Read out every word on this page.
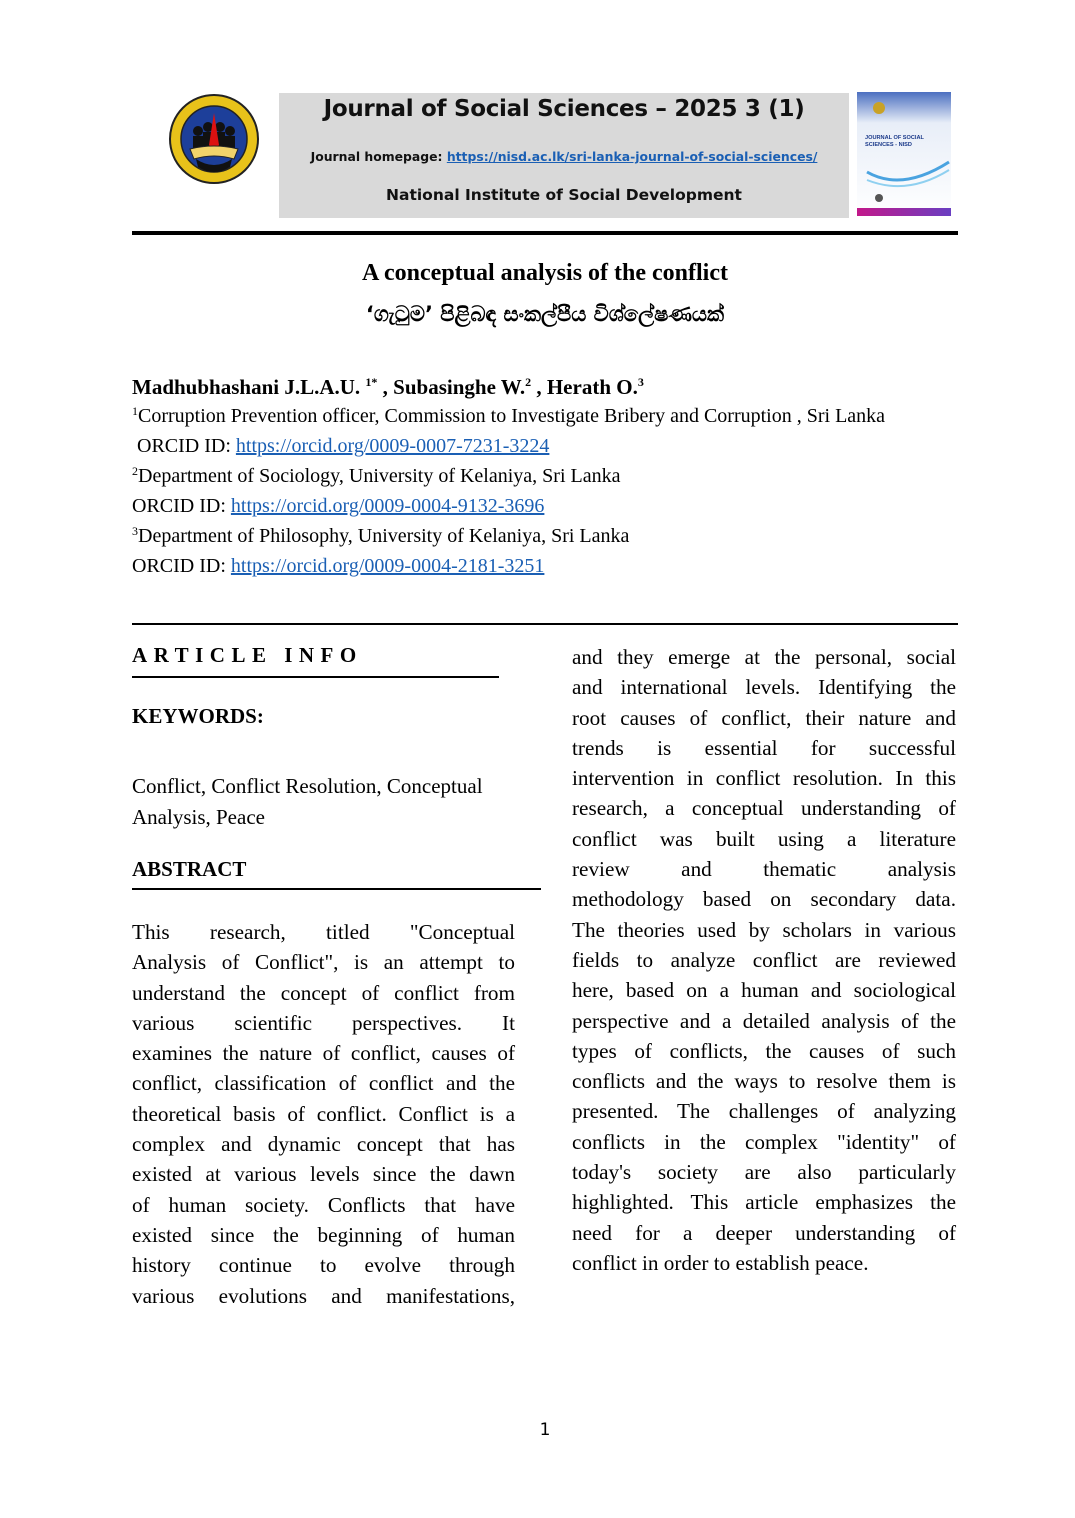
Journal of Social Sciences – 2025 3 (1)
Journal homepage: https://nisd.ac.lk/sri-lanka-journal-of-social-sciences/
National Institute of Social Development
JOURNAL OF SOCIAL SCIENCES - NISD
A conceptual analysis of the conflict
‘ගැටුම’ පිළිබඳ සංකල්පීය විශ්ලේෂණයක්
Madhubhashani J.L.A.U. $^{1*}$ , Subasinghe W.$^2$ , Herath O.$^3$
$^1$Corruption Prevention officer, Commission to Investigate Bribery and Corruption , Sri Lanka
ORCID ID: https://orcid.org/0009-0007-7231-3224
$^2$Department of Sociology, University of Kelaniya, Sri Lanka
ORCID ID: https://orcid.org/0009-0004-9132-3696
$^3$Department of Philosophy, University of Kelaniya, Sri Lanka
ORCID ID: https://orcid.org/0009-0004-2181-3251
ARTICLE INFO
KEYWORDS:
Conflict, Conflict Resolution, Conceptual
Analysis, Peace
ABSTRACT
This research, titled "Conceptual
Analysis of Conflict", is an attempt to
understand the concept of conflict from
various scientific perspectives. It
examines the nature of conflict, causes of
conflict, classification of conflict and the
theoretical basis of conflict. Conflict is a
complex and dynamic concept that has
existed at various levels since the dawn
of human society. Conflicts that have
existed since the beginning of human
history continue to evolve through
various evolutions and manifestations,
and they emerge at the personal, social
and international levels. Identifying the
root causes of conflict, their nature and
trends is essential for successful
intervention in conflict resolution. In this
research, a conceptual understanding of
conflict was built using a literature
review and thematic analysis
methodology based on secondary data.
The theories used by scholars in various
fields to analyze conflict are reviewed
here, based on a human and sociological
perspective and a detailed analysis of the
types of conflicts, the causes of such
conflicts and the ways to resolve them is
presented. The challenges of analyzing
conflicts in the complex "identity" of
today's society are also particularly
highlighted. This article emphasizes the
need for a deeper understanding of
conflict in order to establish peace.
1
